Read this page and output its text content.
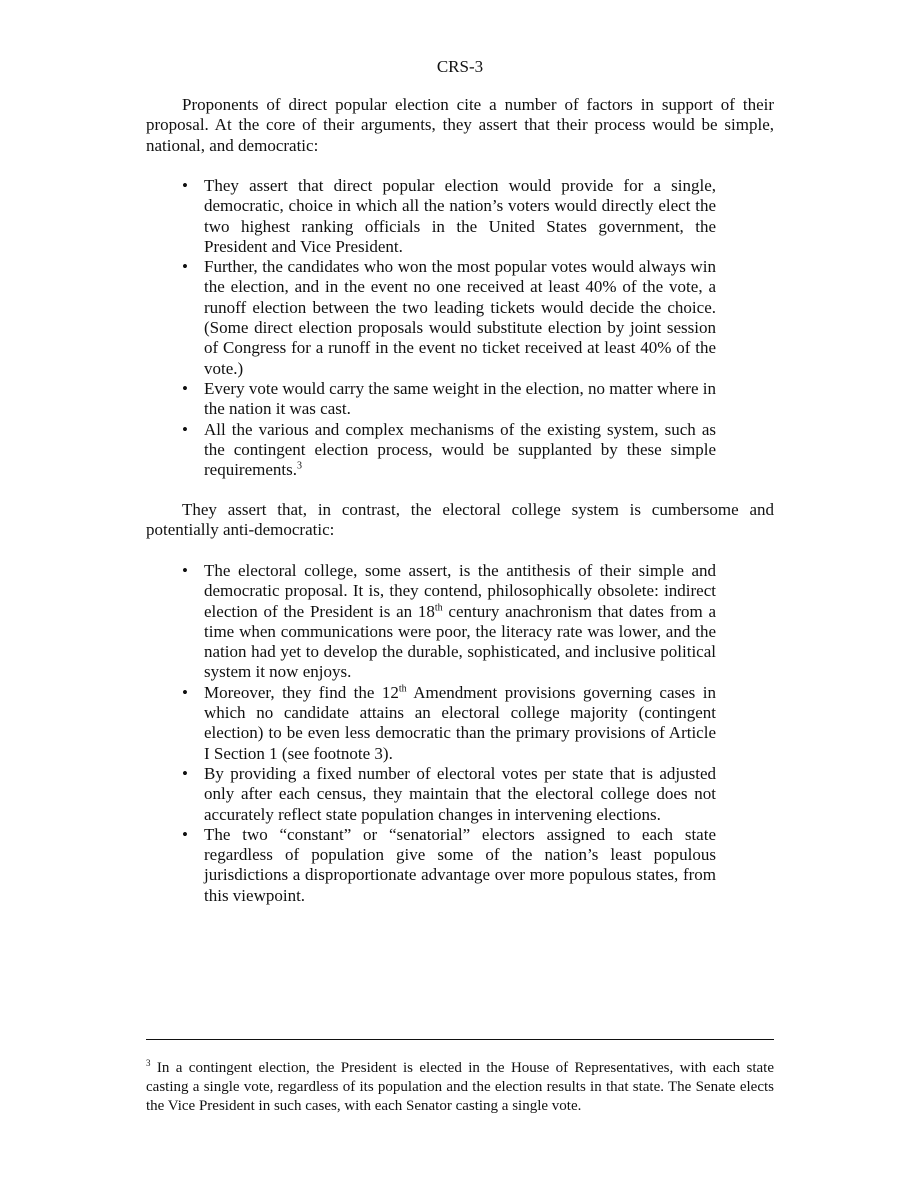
CRS-3

Proponents of direct popular election cite a number of factors in support of their proposal. At the core of their arguments, they assert that their process would be simple, national, and democratic:

• They assert that direct popular election would provide for a single, democratic, choice in which all the nation’s voters would directly elect the two highest ranking officials in the United States government, the President and Vice President.
• Further, the candidates who won the most popular votes would always win the election, and in the event no one received at least 40% of the vote, a runoff election between the two leading tickets would decide the choice. (Some direct election proposals would substitute election by joint session of Congress for a runoff in the event no ticket received at least 40% of the vote.)
• Every vote would carry the same weight in the election, no matter where in the nation it was cast.
• All the various and complex mechanisms of the existing system, such as the contingent election process, would be supplanted by these simple requirements.$^3$

They assert that, in contrast, the electoral college system is cumbersome and potentially anti-democratic:

• The electoral college, some assert, is the antithesis of their simple and democratic proposal. It is, they contend, philosophically obsolete: indirect election of the President is an 18th century anachronism that dates from a time when communications were poor, the literacy rate was lower, and the nation had yet to develop the durable, sophisticated, and inclusive political system it now enjoys.
• Moreover, they find the 12th Amendment provisions governing cases in which no candidate attains an electoral college majority (contingent election) to be even less democratic than the primary provisions of Article I Section 1 (see footnote 3).
• By providing a fixed number of electoral votes per state that is adjusted only after each census, they maintain that the electoral college does not accurately reflect state population changes in intervening elections.
• The two “constant” or “senatorial” electors assigned to each state regardless of population give some of the nation’s least populous jurisdictions a disproportionate advantage over more populous states, from this viewpoint.

$^3$ In a contingent election, the President is elected in the House of Representatives, with each state casting a single vote, regardless of its population and the election results in that state. The Senate elects the Vice President in such cases, with each Senator casting a single vote.
